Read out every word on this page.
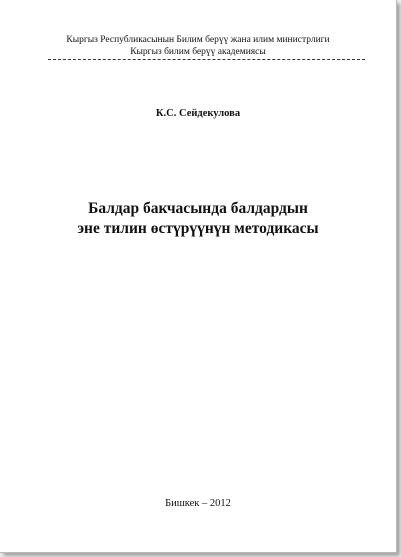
Кыргыз Республикасынын Билим берүү жана илим министрлиги
Кыргыз билим берүү академиясы
К.С. Сейдекулова
Балдар бакчасында балдардын
эне тилин өстүрүүнүн методикасы
Бишкек – 2012
